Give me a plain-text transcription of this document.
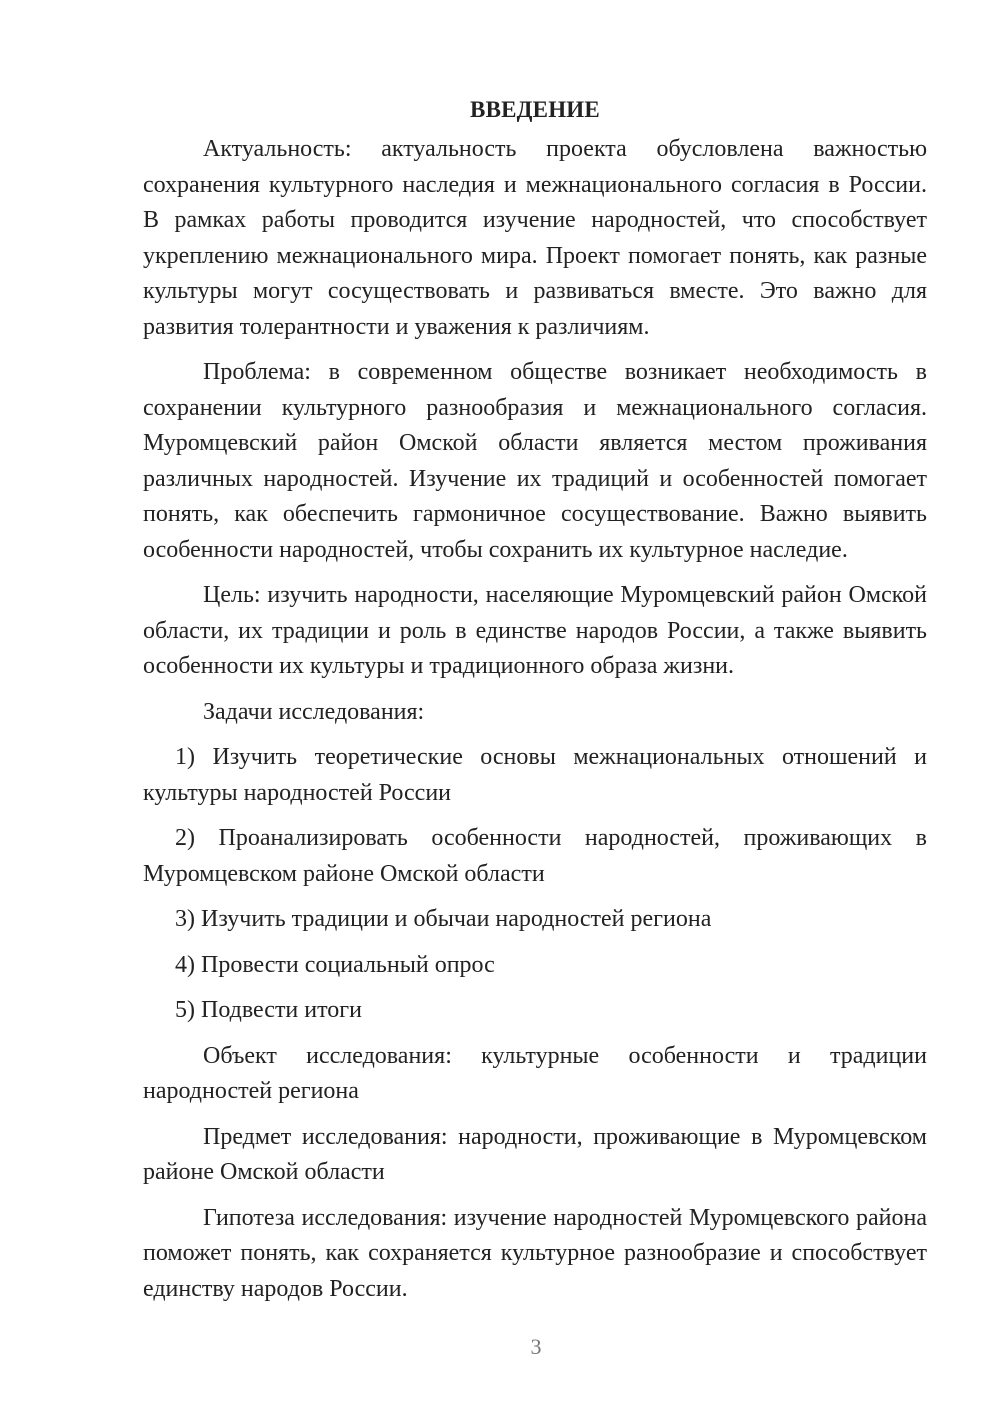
ВВЕДЕНИЕ

Актуальность: актуальность проекта обусловлена важностью сохранения культурного наследия и межнационального согласия в России. В рамках работы проводится изучение народностей, что способствует укреплению межнационального мира. Проект помогает понять, как разные культуры могут сосуществовать и развиваться вместе. Это важно для развития толерантности и уважения к различиям.

Проблема: в современном обществе возникает необходимость в сохранении культурного разнообразия и межнационального согласия. Муромцевский район Омской области является местом проживания различных народностей. Изучение их традиций и особенностей помогает понять, как обеспечить гармоничное сосуществование. Важно выявить особенности народностей, чтобы сохранить их культурное наследие.

Цель: изучить народности, населяющие Муромцевский район Омской области, их традиции и роль в единстве народов России, а также выявить особенности их культуры и традиционного образа жизни.

Задачи исследования:

1) Изучить теоретические основы межнациональных отношений и культуры народностей России

2) Проанализировать особенности народностей, проживающих в Муромцевском районе Омской области

3) Изучить традиции и обычаи народностей региона

4) Провести социальный опрос

5) Подвести итоги

Объект исследования: культурные особенности и традиции народностей региона

Предмет исследования: народности, проживающие в Муромцевском районе Омской области

Гипотеза исследования: изучение народностей Муромцевского района поможет понять, как сохраняется культурное разнообразие и способствует единству народов России.

3
